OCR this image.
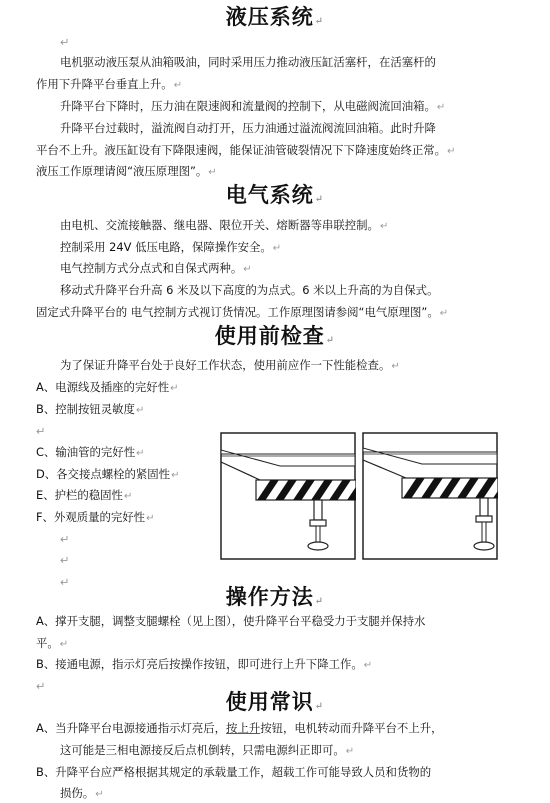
液压系统↵
↵
电机驱动液压泵从油箱吸油，同时采用压力推动液压缸活塞杆，在活塞杆的
作用下升降平台垂直上升。↵
升降平台下降时，压力油在限速阀和流量阀的控制下，从电磁阀流回油箱。↵
升降平台过载时，溢流阀自动打开，压力油通过溢流阀流回油箱。此时升降
平台不上升。液压缸设有下降限速阀，能保证油管破裂情况下下降速度始终正常。↵
液压工作原理请阅“液压原理图”。↵
电气系统↵
由电机、交流接触器、继电器、限位开关、熔断器等串联控制。↵
控制采用 24V 低压电路，保障操作安全。↵
电气控制方式分点式和自保式两种。↵
移动式升降平台升高 6 米及以下高度的为点式。6 米以上升高的为自保式。
固定式升降平台的 电气控制方式视订货情况。工作原理图请参阅“电气原理图”。↵
使用前检查↵
为了保证升降平台处于良好工作状态，使用前应作一下性能检查。↵
A、电源线及插座的完好性↵
B、控制按钮灵敏度↵
↵
C、输油管的完好性↵
D、各交接点螺栓的紧固性↵
E、护栏的稳固性↵
F、外观质量的完好性↵
↵
↵
↵
操作方法↵
A、撑开支腿，调整支腿螺栓（见上图），使升降平台平稳受力于支腿并保持水
平。↵
B、接通电源，指示灯亮后按操作按钮，即可进行上升下降工作。↵
↵
使用常识↵
A、当升降平台电源接通指示灯亮后，按上升按钮，电机转动而升降平台不上升，
这可能是三相电源接反后点机倒转，只需电源纠正即可。↵
B、升降平台应严格根据其规定的承载量工作，超载工作可能导致人员和货物的
损伤。↵
